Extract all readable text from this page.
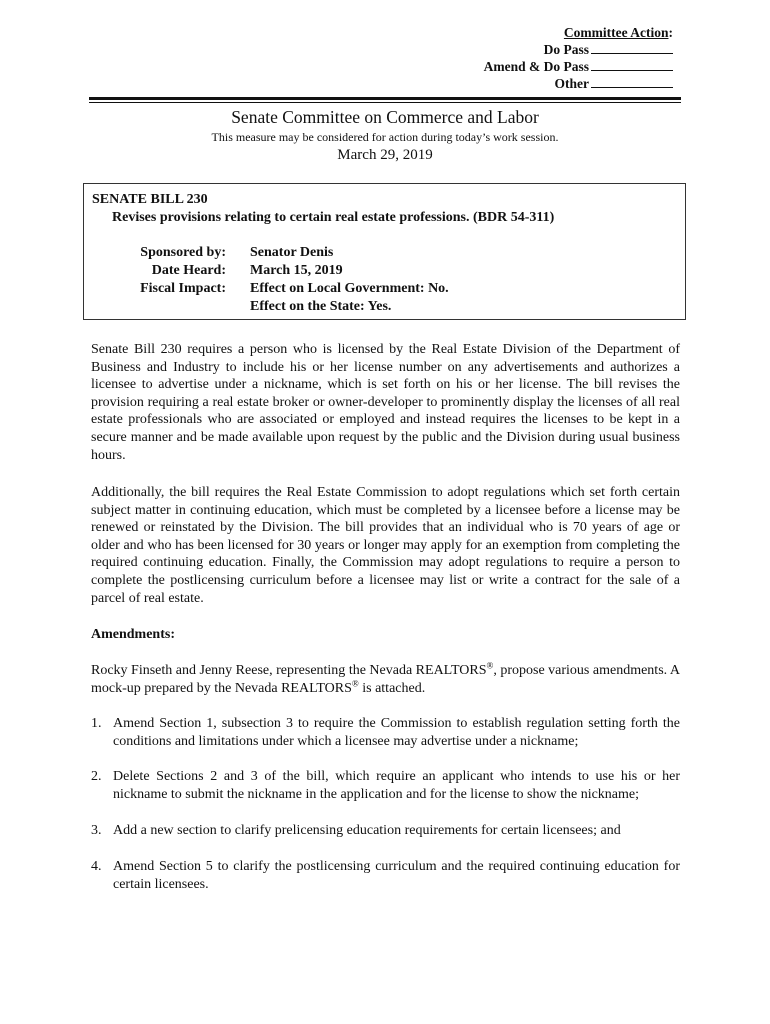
Committee Action:
Do Pass
Amend & Do Pass
Other
Senate Committee on Commerce and Labor
This measure may be considered for action during today’s work session.
March 29, 2019
SENATE BILL 230
Revises provisions relating to certain real estate professions. (BDR 54-311)
Sponsored by: Senator Denis
Date Heard: March 15, 2019
Fiscal Impact: Effect on Local Government: No.
Effect on the State: Yes.

Senate Bill 230 requires a person who is licensed by the Real Estate Division of the Department of Business and Industry to include his or her license number on any advertisements and authorizes a licensee to advertise under a nickname, which is set forth on his or her license. The bill revises the provision requiring a real estate broker or owner-developer to prominently display the licenses of all real estate professionals who are associated or employed and instead requires the licenses to be kept in a secure manner and be made available upon request by the public and the Division during usual business hours.

Additionally, the bill requires the Real Estate Commission to adopt regulations which set forth certain subject matter in continuing education, which must be completed by a licensee before a license may be renewed or reinstated by the Division. The bill provides that an individual who is 70 years of age or older and who has been licensed for 30 years or longer may apply for an exemption from completing the required continuing education. Finally, the Commission may adopt regulations to require a person to complete the postlicensing curriculum before a licensee may list or write a contract for the sale of a parcel of real estate.

Amendments:

Rocky Finseth and Jenny Reese, representing the Nevada REALTORS®, propose various amendments. A mock-up prepared by the Nevada REALTORS® is attached.

1. Amend Section 1, subsection 3 to require the Commission to establish regulation setting forth the conditions and limitations under which a licensee may advertise under a nickname;
2. Delete Sections 2 and 3 of the bill, which require an applicant who intends to use his or her nickname to submit the nickname in the application and for the license to show the nickname;
3. Add a new section to clarify prelicensing education requirements for certain licensees; and
4. Amend Section 5 to clarify the postlicensing curriculum and the required continuing education for certain licensees.
